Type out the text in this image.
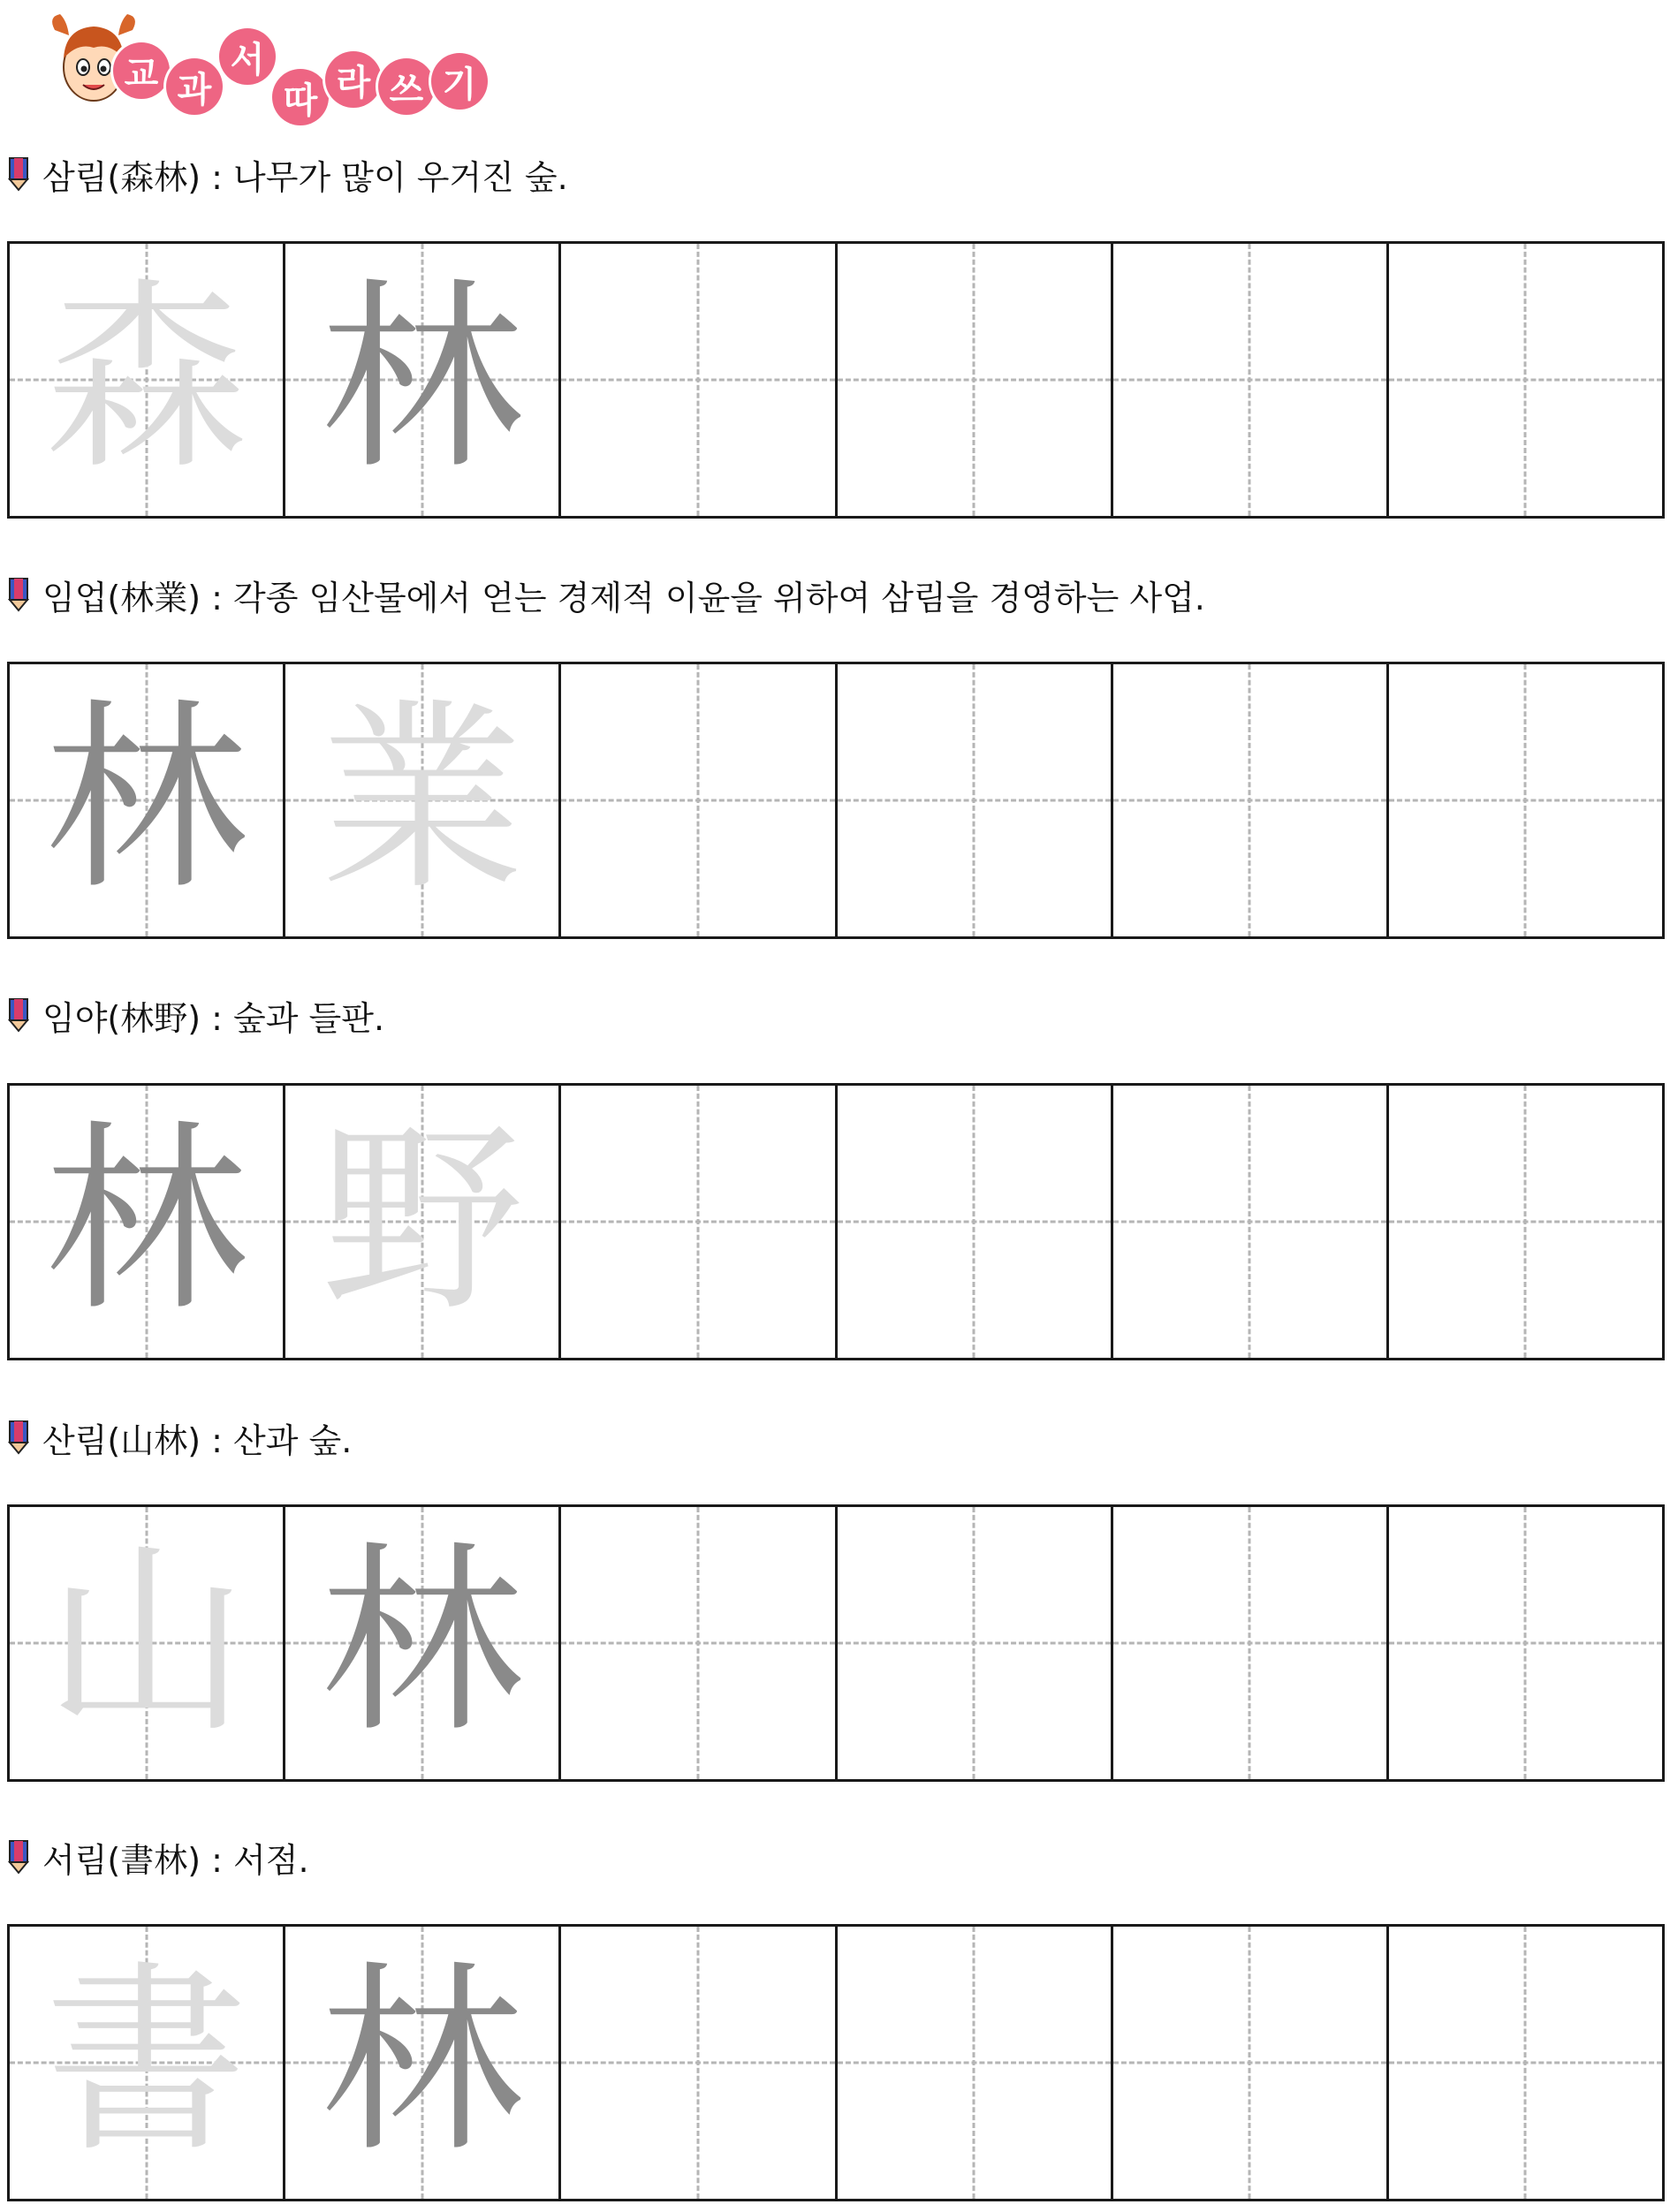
교 과
서
따 라 쓰 기
삼림(森林) : 나무가 많이 우거진 숲.
森 林
임업(林業) : 각종 임산물에서 얻는 경제적 이윤을 위하여 삼림을 경영하는 사업.
林 業
임야(林野) : 숲과 들판.
林 野
산림(山林) : 산과 숲.
山 林
서림(書林) : 서점.
書 林
